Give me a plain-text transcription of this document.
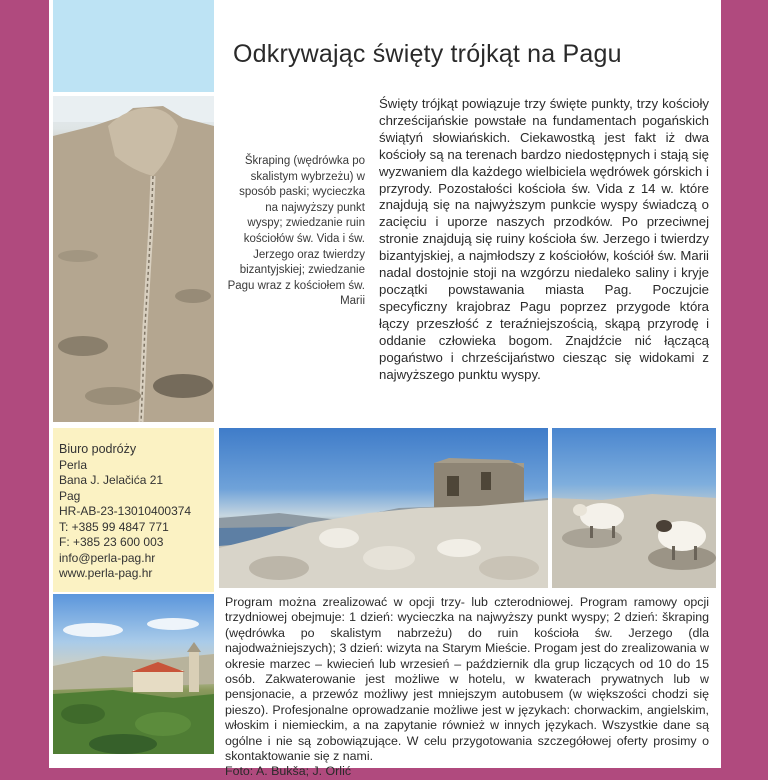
Odkrywając święty trójkąt na Pagu
Škraping (wędrówka po skalistym wybrzeżu) w sposób paski; wycieczka na najwyższy punkt wyspy; zwiedzanie ruin kościołów św. Vida i św. Jerzego oraz twierdzy bizantyjskiej; zwiedzanie Pagu wraz z kościołem św. Marii
Święty trójkąt powiązuje trzy święte punkty, trzy kościoły chrześcijańskie powstałe na fundamentach pogańskich świątyń słowiańskich. Ciekawostką jest fakt iż dwa kościoły są na terenach bardzo niedostępnych i stają się wyzwaniem dla każdego wielbiciela wędrówek górskich i przyrody. Pozostałości kościoła św. Vida z 14 w. które znajdują się na najwyższym punkcie wyspy świadczą o zacięciu i uporze naszych przodków. Po przeciwnej stronie znajdują się ruiny kościoła św. Jerzego i twierdzy bizantyjskiej, a najmłodszy z kościołów, kościół św. Marii nadal dostojnie stoji na wzgórzu niedaleko saliny i kryje początki powstawania miasta Pag. Poczujcie specyficzny krajobraz Pagu poprzez przygode która łączy przeszłość z teraźniejszością, skąpą przyrodę i oddanie człowieka bogom. Znajdźcie nić łączącą pogaństwo i chrześcijaństwo ciesząc się widokami z najwyższego punktu wyspy.
Biuro podróży
Perla
Bana J. Jelačića 21
Pag
HR-AB-23-13010400374
T: +385 99 4847 771
F: +385 23 600 003
info@perla-pag.hr
www.perla-pag.hr
Program można zrealizować w opcji trzy- lub czterodniowej. Program ramowy opcji trzydniowej obejmuje: 1 dzień: wycieczka na najwyższy punkt wyspy; 2 dzień: škraping (wędrówka po skalistym nabrzeżu) do ruin kościoła św. Jerzego (dla najodważniejszych); 3 dzień: wizyta na Starym Mieście. Progam jest do zrealizowania w okresie marzec – kwiecień lub wrzesień – październik dla grup liczących od 10 do 15 osób. Zakwaterowanie jest możliwe w hotelu, w kwaterach prywatnych lub w pensjonacie, a przewóz możliwy jest mniejszym autobusem (w większości chodzi się pieszo). Profesjonalne oprowadzanie możliwe jest w językach: chorwackim, angielskim, włoskim i niemieckim, a na zapytanie również w innych językach. Wszystkie dane są ogólne i nie są zobowiązujące. W celu przygotowania szczegółowej oferty prosimy o skontaktowanie się z nami.
Foto: A. Bukša; J. Orlić
